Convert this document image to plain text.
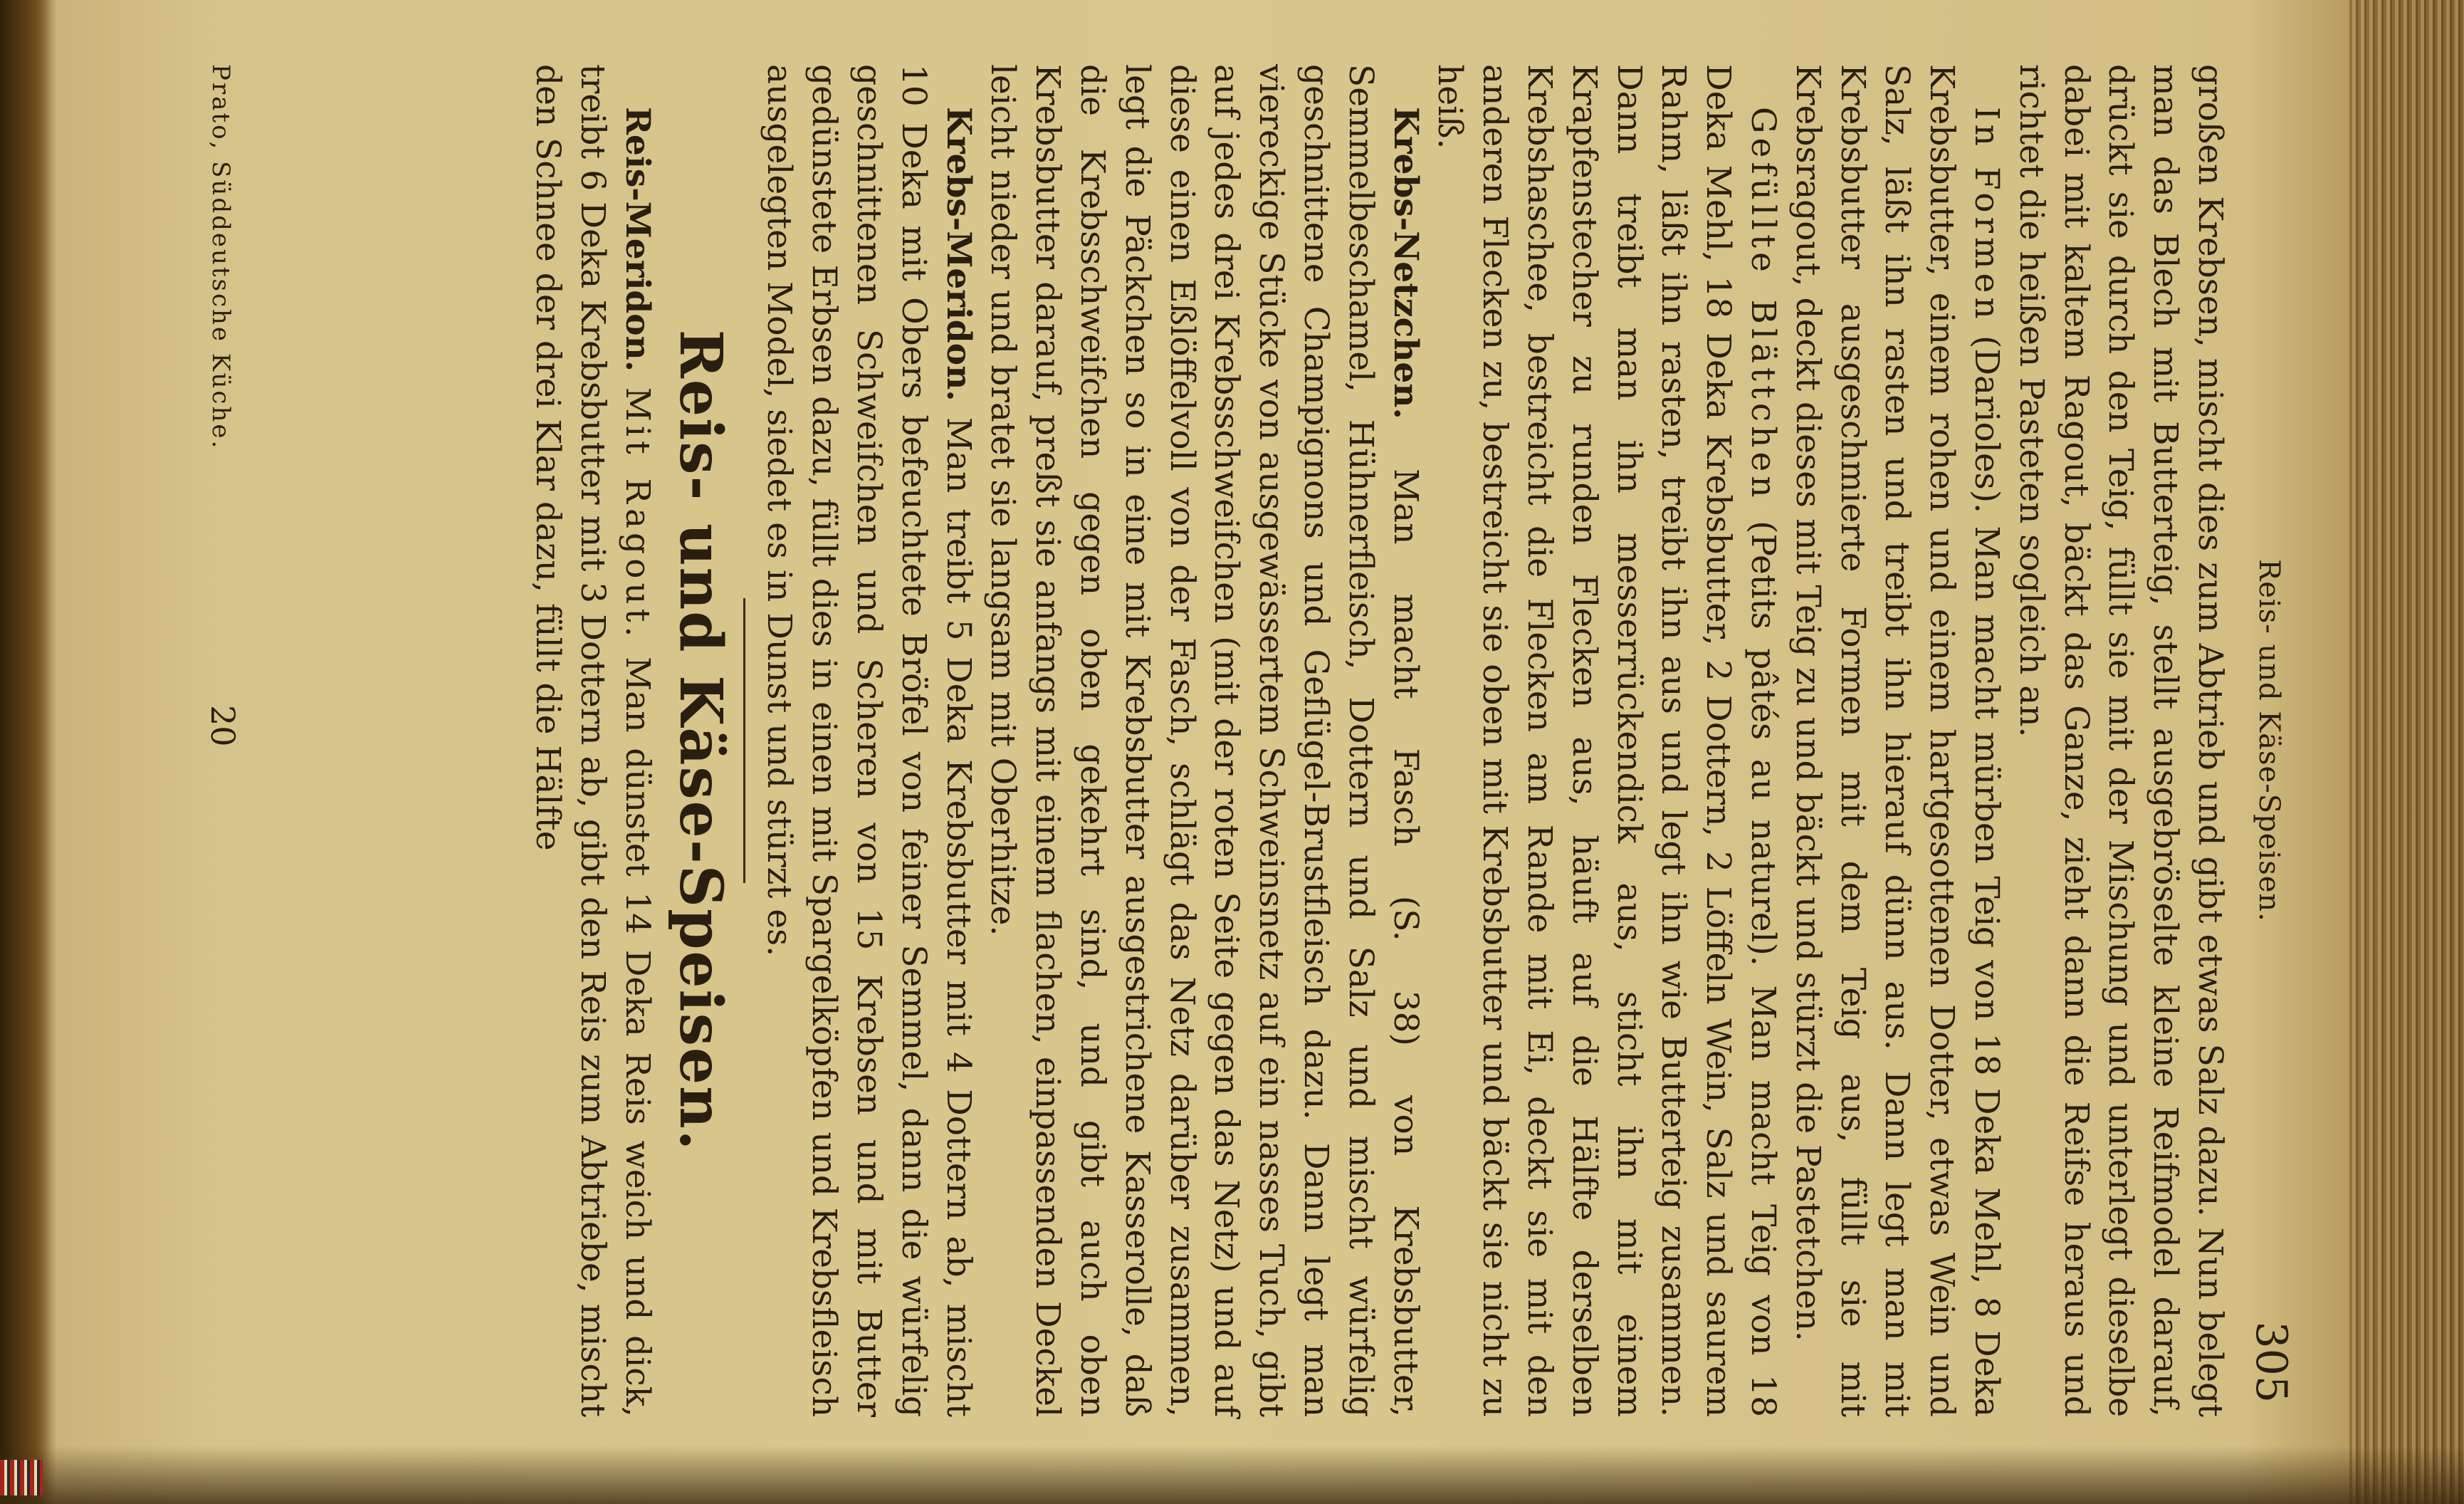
Reis- und Käse-Speisen.
305

großen Krebsen, mischt dies zum Abtrieb und gibt etwas Salz dazu. Nun belegt man das Blech mit Butterteig, stellt ausgebröselte kleine Reifmodel darauf, drückt sie durch den Teig, füllt sie mit der Mischung und unterlegt dieselbe dabei mit kaltem Ragout, bäckt das Ganze, zieht dann die Reifse heraus und richtet die heißen Pasteten sogleich an.

In Formen (Darioles). Man macht mürben Teig von 18 Deka Mehl, 8 Deka Krebsbutter, einem rohen und einem hartgesottenen Dotter, etwas Wein und Salz, läßt ihn rasten und treibt ihn hierauf dünn aus. Dann legt man mit Krebsbutter ausgeschmierte Formen mit dem Teig aus, füllt sie mit Krebsragout, deckt dieses mit Teig zu und bäckt und stürzt die Pastetchen.

Gefüllte Blättchen (Petits pâtés au naturel). Man macht Teig von 18 Deka Mehl, 18 Deka Krebsbutter, 2 Dottern, 2 Löffeln Wein, Salz und saurem Rahm, läßt ihn rasten, treibt ihn aus und legt ihn wie Butterteig zusammen. Dann treibt man ihn messerrückendick aus, sticht ihn mit einem Krapfenstecher zu runden Flecken aus, häuft auf die Hälfte derselben Krebshaschee, bestreicht die Flecken am Rande mit Ei, deckt sie mit den anderen Flecken zu, bestreicht sie oben mit Krebsbutter und bäckt sie nicht zu heiß.

Krebs-Netzchen. Man macht Fasch (S. 38) von Krebsbutter, Semmelbeschamel, Hühnerfleisch, Dottern und Salz und mischt würfelig geschnittene Champignons und Geflügel-Brustfleisch dazu. Dann legt man viereckige Stücke von ausgewässertem Schweinsnetz auf ein nasses Tuch, gibt auf jedes drei Krebsschweifchen (mit der roten Seite gegen das Netz) und auf diese einen Eßlöffelvoll von der Fasch, schlägt das Netz darüber zusammen, legt die Päckchen so in eine mit Krebsbutter ausgestrichene Kasserolle, daß die Krebsschweifchen gegen oben gekehrt sind, und gibt auch oben Krebsbutter darauf, preßt sie anfangs mit einem flachen, einpassenden Deckel leicht nieder und bratet sie langsam mit Oberhitze.

Krebs-Meridon. Man treibt 5 Deka Krebsbutter mit 4 Dottern ab, mischt 10 Deka mit Obers befeuchtete Bröfel von feiner Semmel, dann die würfelig geschnittenen Schweifchen und Scheren von 15 Krebsen und mit Butter gedünstete Erbsen dazu, füllt dies in einen mit Spargelköpfen und Krebsfleisch ausgelegten Model, siedet es in Dunst und stürzt es.

Reis- und Käse-Speisen.

Reis-Meridon. Mit Ragout. Man dünstet 14 Deka Reis weich und dick, treibt 6 Deka Krebsbutter mit 3 Dottern ab, gibt den Reis zum Abtriebe, mischt den Schnee der drei Klar dazu, füllt die Hälfte

Prato, Süddeutsche Küche.
20
